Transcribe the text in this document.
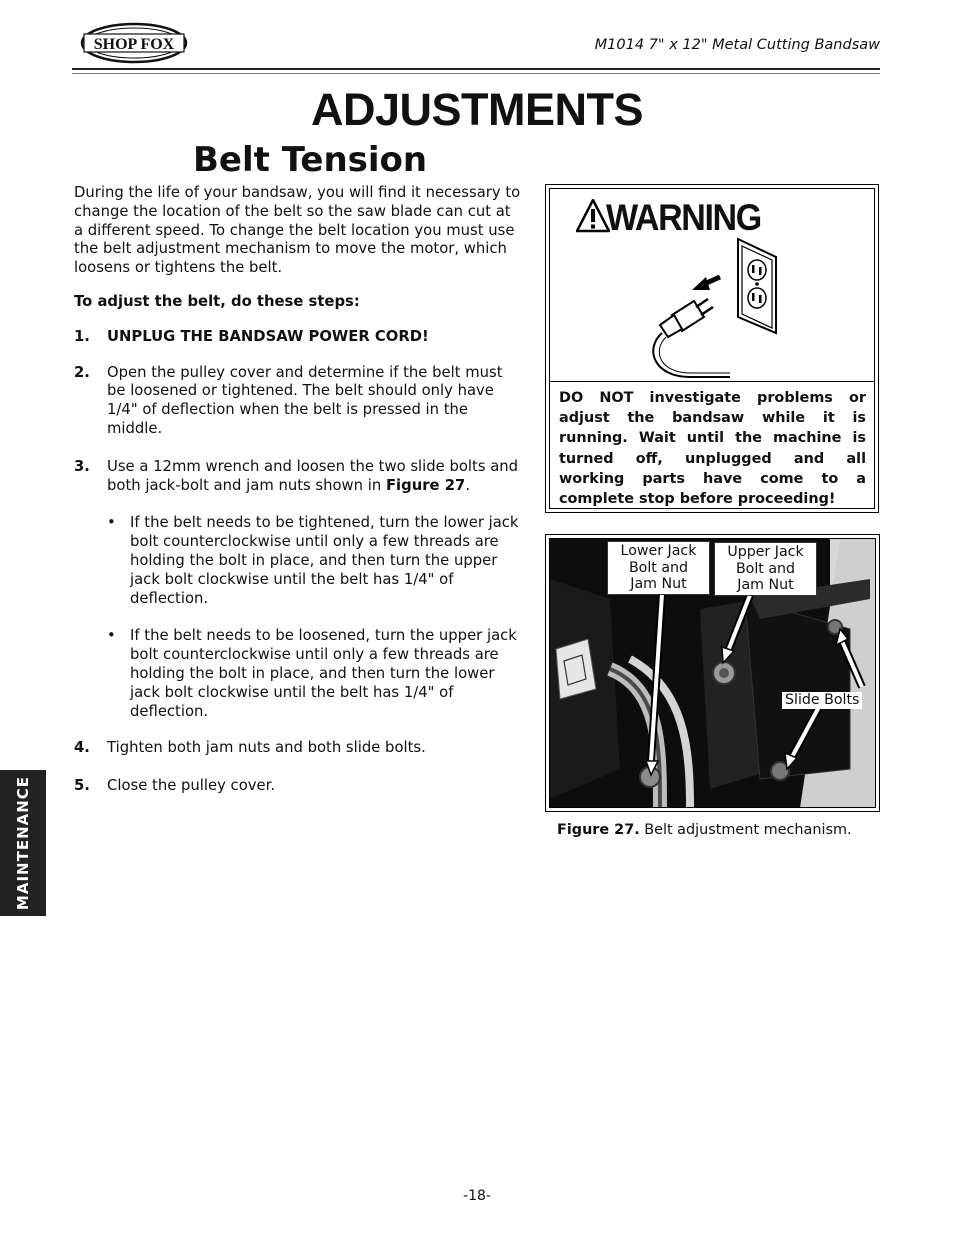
SHOP FOX	M1014 7" x 12" Metal Cutting Bandsaw
ADJUSTMENTS
Belt Tension

During the life of your bandsaw, you will find it necessary to change the location of the belt so the saw blade can cut at a different speed. To change the belt location you must use the belt adjustment mechanism to move the motor, which loosens or tightens the belt.

To adjust the belt, do these steps:

1.	UNPLUG THE BANDSAW POWER CORD!
2.	Open the pulley cover and determine if the belt must be loosened or tightened. The belt should only have 1/4" of deflection when the belt is pressed in the middle.
3.	Use a 12mm wrench and loosen the two slide bolts and both jack-bolt and jam nuts shown in Figure 27.
• If the belt needs to be tightened, turn the lower jack bolt counterclockwise until only a few threads are holding the bolt in place, and then turn the upper jack bolt clockwise until the belt has 1/4" of deflection.
• If the belt needs to be loosened, turn the upper jack bolt counterclockwise until only a few threads are holding the bolt in place, and then turn the lower jack bolt clockwise until the belt has 1/4" of deflection.
4.	Tighten both jam nuts and both slide bolts.
5.	Close the pulley cover.
WARNING
DO NOT investigate problems or adjust the bandsaw while it is running. Wait until the machine is turned off, unplugged and all working parts have come to a complete stop before proceeding!
Lower Jack
Bolt and
Jam Nut
Upper Jack
Bolt and
Jam Nut
Slide Bolts
Figure 27. Belt adjustment mechanism.
MAINTENANCE
-18-
